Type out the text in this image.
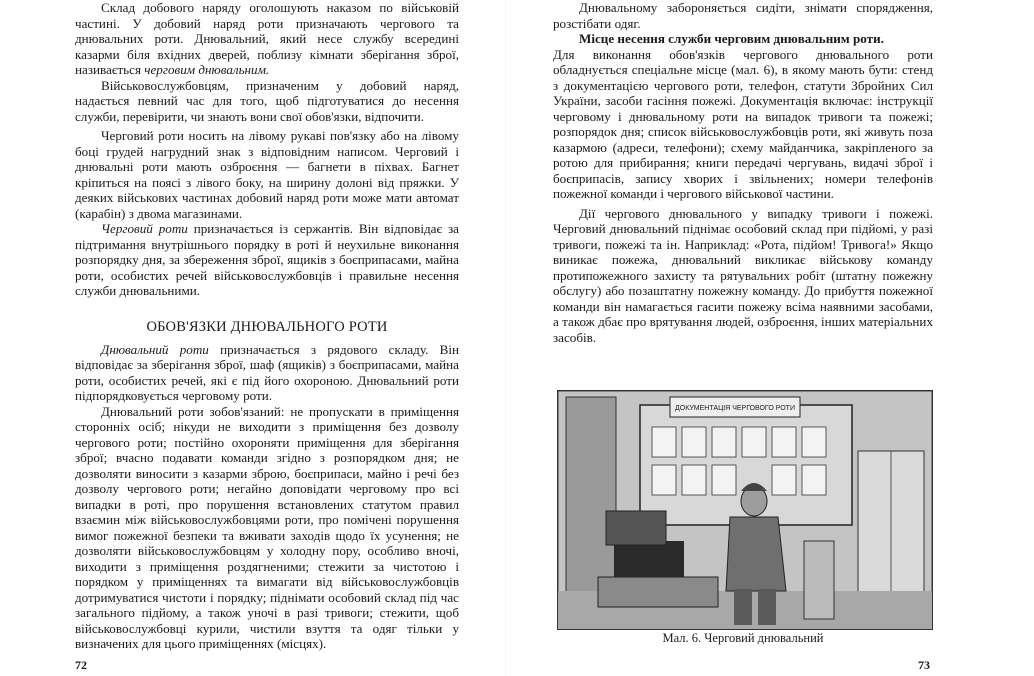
Склад добового наряду оголошують наказом по військовій частині. У добовий наряд роти призначають чергового та днювальних роти. Днювальний, який несе службу всередині казарми біля вхідних дверей, поблизу кімнати зберігання зброї, називається черговим днювальним.

Військовослужбовцям, призначеним у добовий наряд, надається певний час для того, щоб підготуватися до несення служби, перевірити, чи знають вони свої обов'язки, відпочити.

Черговий роти носить на лівому рукаві пов'язку або на лівому боці грудей нагрудний знак з відповідним написом. Черговий і днювальні роти мають озброєння — багнети в піхвах. Багнет кріпиться на поясі з лівого боку, на ширину долоні від пряжки. У деяких військових частинах добовий наряд роти може мати автомат (карабін) з двома магазинами.

Черговий роти призначається із сержантів. Він відповідає за підтримання внутрішнього порядку в роті й неухильне виконання розпорядку дня, за збереження зброї, ящиків з боєприпасами, майна роти, особистих речей військовослужбовців і правильне несення служби днювальними.

ОБОВ'ЯЗКИ ДНЮВАЛЬНОГО РОТИ

Днювальний роти призначається з рядового складу. Він відповідає за зберігання зброї, шаф (ящиків) з боєприпасами, майна роти, особистих речей, які є під його охороною. Днювальний роти підпорядковується черговому роти.

Днювальний роти зобов'язаний: не пропускати в приміщення сторонніх осіб; нікуди не виходити з приміщення без дозволу чергового роти; постійно охороняти приміщення для зберігання зброї; вчасно подавати команди згідно з розпорядком дня; не дозволяти виносити з казарми зброю, боєприпаси, майно і речі без дозволу чергового роти; негайно доповідати черговому про всі випадки в роті, про порушення встановлених статутом правил взаємин між військовослужбовцями роти, про помічені порушення вимог пожежної безпеки та вживати заходів щодо їх усунення; не дозволяти військовослужбовцям у холодну пору, особливо вночі, виходити з приміщення роздягненими; стежити за чистотою і порядком у приміщеннях та вимагати від військовослужбовців дотримуватися чистоти і порядку; піднімати особовий склад під час загального підйому, а також уночі в разі тривоги; стежити, щоб військовослужбовці курили, чистили взуття та одяг тільки у визначених для цього приміщеннях (місцях).

72

Днювальному забороняється сидіти, знімати спорядження, розстібати одяг.

Місце несення служби черговим днювальним роти.

Для виконання обов'язків чергового днювального роти обладнується спеціальне місце (мал. 6), в якому мають бути: стенд з документацією чергового роти, телефон, статути Збройних Сил України, засоби гасіння пожежі. Документація включає: інструкції черговому і днювальному роти на випадок тривоги та пожежі; розпорядок дня; список військовослужбовців роти, які живуть поза казармою (адреси, телефони); схему майданчика, закріпленого за ротою для прибирання; книги передачі чергувань, видачі зброї і боєприпасів, запису хворих і звільнених; номери телефонів пожежної команди і чергового військової частини.

Дії чергового днювального у випадку тривоги і пожежі. Черговий днювальний піднімає особовий склад при підйомі, у разі тривоги, пожежі та ін. Наприклад: «Рота, підйом! Тривога!» Якщо виникає пожежа, днювальний викликає військову команду протипожежного захисту та рятувальних робіт (штатну пожежну обслугу) або позаштатну пожежну команду. До прибуття пожежної команди він намагається гасити пожежу всіма наявними засобами, а також дбає про врятування людей, озброєння, інших матеріальних засобів.

ДОКУМЕНТАЦІЯ ЧЕРГОВОГО РОТИ
Мал. 6. Черговий днювальний
73
